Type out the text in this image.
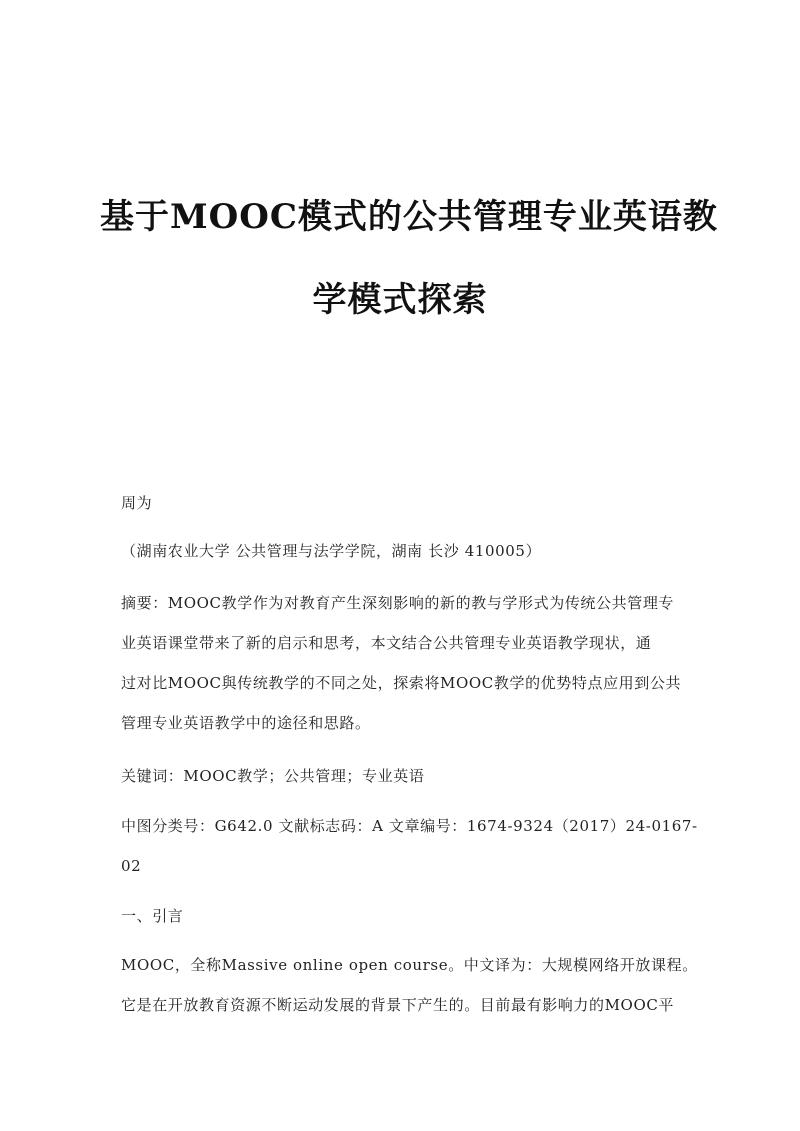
基于MOOC模式的公共管理专业英语教
学模式探索

周为

（湖南农业大学 公共管理与法学学院，湖南 长沙 410005）

摘要：MOOC教学作为对教育产生深刻影响的新的教与学形式为传统公共管理专
业英语课堂带来了新的启示和思考，本文结合公共管理专业英语教学现状，通
过对比MOOC與传统教学的不同之处，探索将MOOC教学的优势特点应用到公共
管理专业英语教学中的途径和思路。

关键词：MOOC教学；公共管理；专业英语

中图分类号：G642.0 文献标志码：A 文章编号：1674-9324（2017）24-0167-
02

一、引言

MOOC，全称Massive online open course。中文译为：大规模网络开放课程。
它是在开放教育资源不断运动发展的背景下产生的。目前最有影响力的MOOC平
